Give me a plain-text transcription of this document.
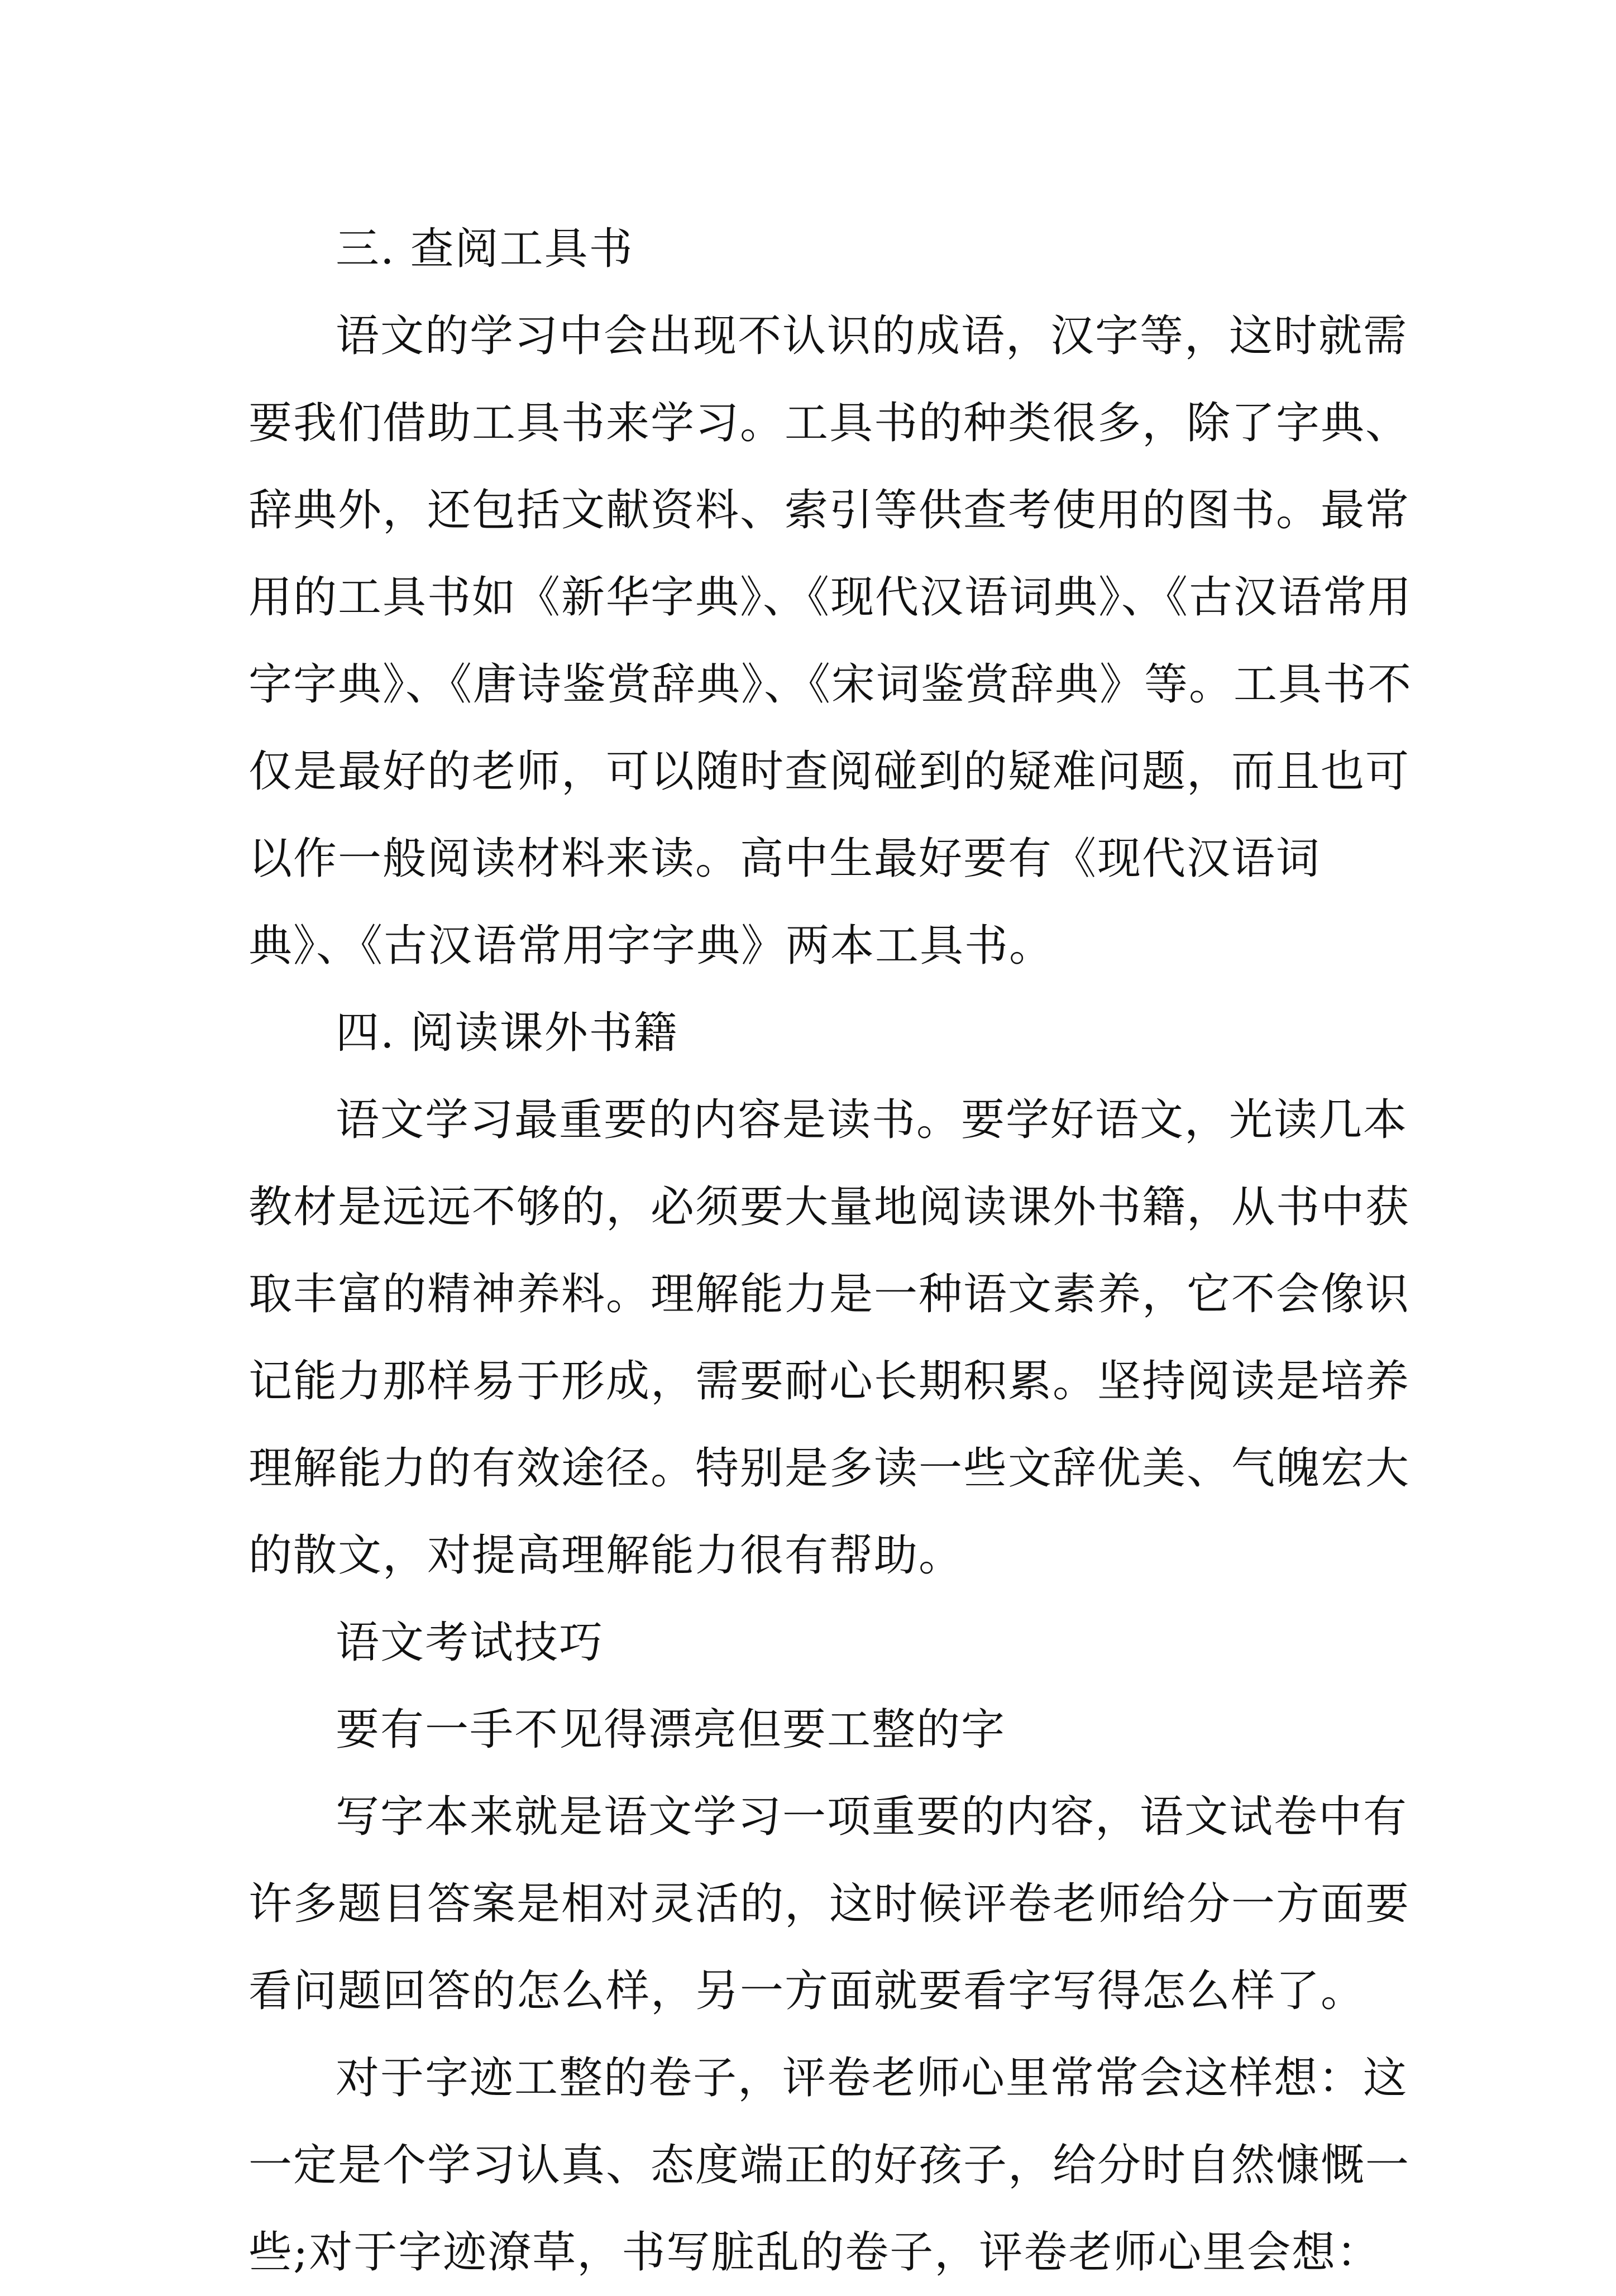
三. 查阅工具书

语文的学习中会出现不认识的成语，汉字等，这时就需要我们借助工具书来学习。工具书的种类很多，除了字典、辞典外，还包括文献资料、索引等供查考使用的图书。最常用的工具书如《新华字典》、《现代汉语词典》、《古汉语常用字字典》、《唐诗鉴赏辞典》、《宋词鉴赏辞典》等。工具书不仅是最好的老师，可以随时查阅碰到的疑难问题，而且也可以作一般阅读材料来读。高中生最好要有《现代汉语词典》、《古汉语常用字字典》两本工具书。

四. 阅读课外书籍

语文学习最重要的内容是读书。要学好语文，光读几本教材是远远不够的，必须要大量地阅读课外书籍，从书中获取丰富的精神养料。理解能力是一种语文素养，它不会像识记能力那样易于形成，需要耐心长期积累。坚持阅读是培养理解能力的有效途径。特别是多读一些文辞优美、气魄宏大的散文，对提高理解能力很有帮助。

语文考试技巧

要有一手不见得漂亮但要工整的字

写字本来就是语文学习一项重要的内容，语文试卷中有许多题目答案是相对灵活的，这时候评卷老师给分一方面要看问题回答的怎么样，另一方面就要看字写得怎么样了。

对于字迹工整的卷子，评卷老师心里常常会这样想：这一定是个学习认真、态度端正的好孩子，给分时自然慷慨一些;对于字迹潦草，书写脏乱的卷子，评卷老师心里会想：
